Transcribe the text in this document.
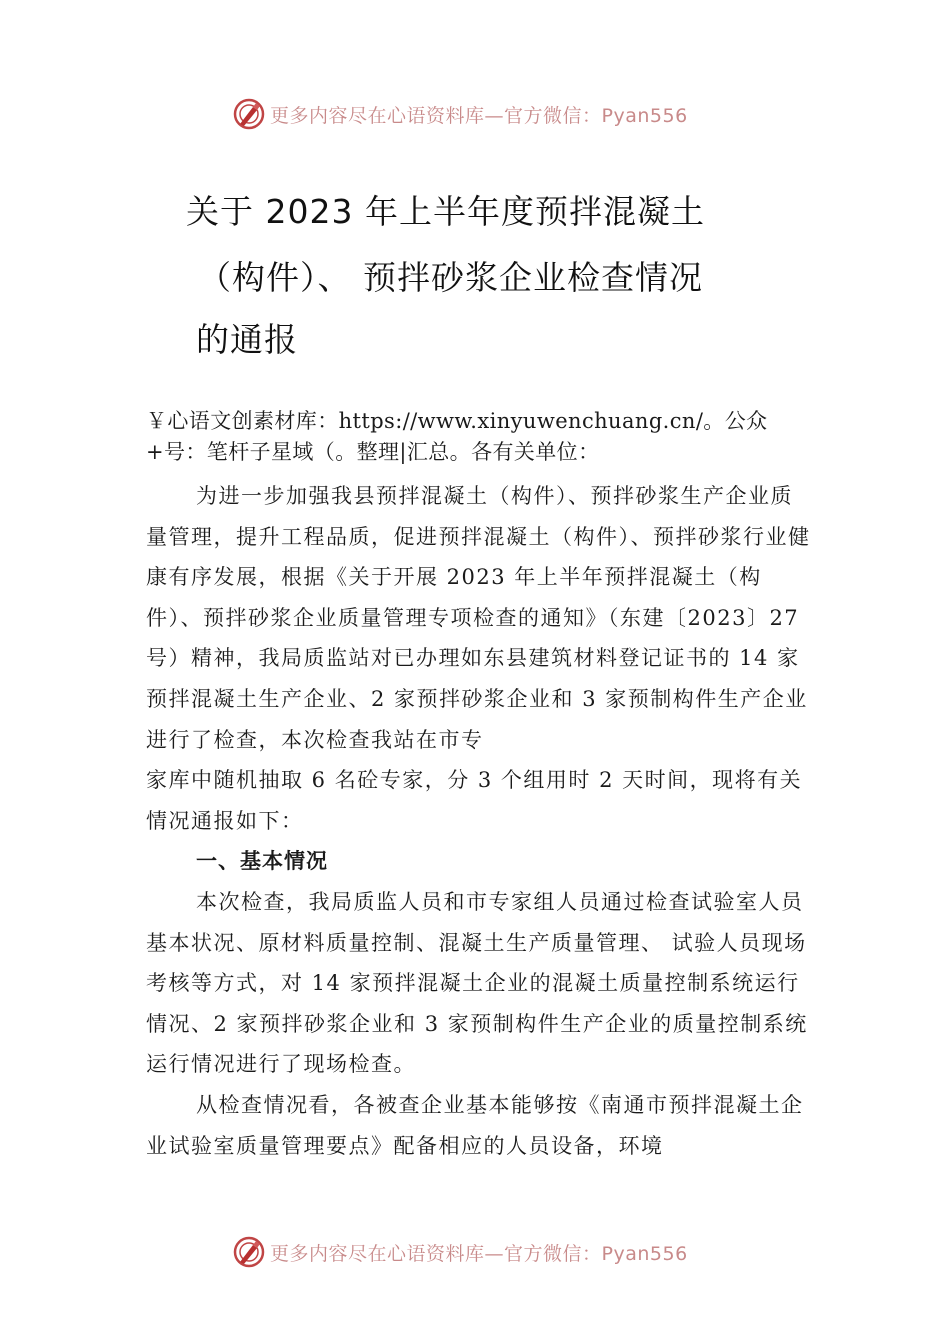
更多内容尽在心语资料库—官方微信：Pyan556
关于 2023 年上半年度预拌混凝土
（构件）、 预拌砂浆企业检查情况
的通报

￥心语文创素材库：https://www.xinyuwenchuang.cn/。公众+号：笔杆子星域（。整理|汇总。各有关单位：

为进一步加强我县预拌混凝土（构件）、预拌砂浆生产企业质量管理，提升工程品质，促进预拌混凝土（构件）、预拌砂浆行业健康有序发展，根据《关于开展 2023 年上半年预拌混凝土（构件）、预拌砂浆企业质量管理专项检查的通知》（东建〔2023〕27 号）精神，我局质监站对已办理如东县建筑材料登记证书的 14 家预拌混凝土生产企业、2 家预拌砂浆企业和 3 家预制构件生产企业进行了检查，本次检查我站在市专

家库中随机抽取 6 名砼专家，分 3 个组用时 2 天时间，现将有关情况通报如下：

一、基本情况

本次检查，我局质监人员和市专家组人员通过检查试验室人员基本状况、原材料质量控制、混凝土生产质量管理、 试验人员现场考核等方式，对 14 家预拌混凝土企业的混凝土质量控制系统运行情况、2 家预拌砂浆企业和 3 家预制构件生产企业的质量控制系统运行情况进行了现场检查。

从检查情况看，各被查企业基本能够按《南通市预拌混凝土企业试验室质量管理要点》配备相应的人员设备，环境

更多内容尽在心语资料库—官方微信：Pyan556
